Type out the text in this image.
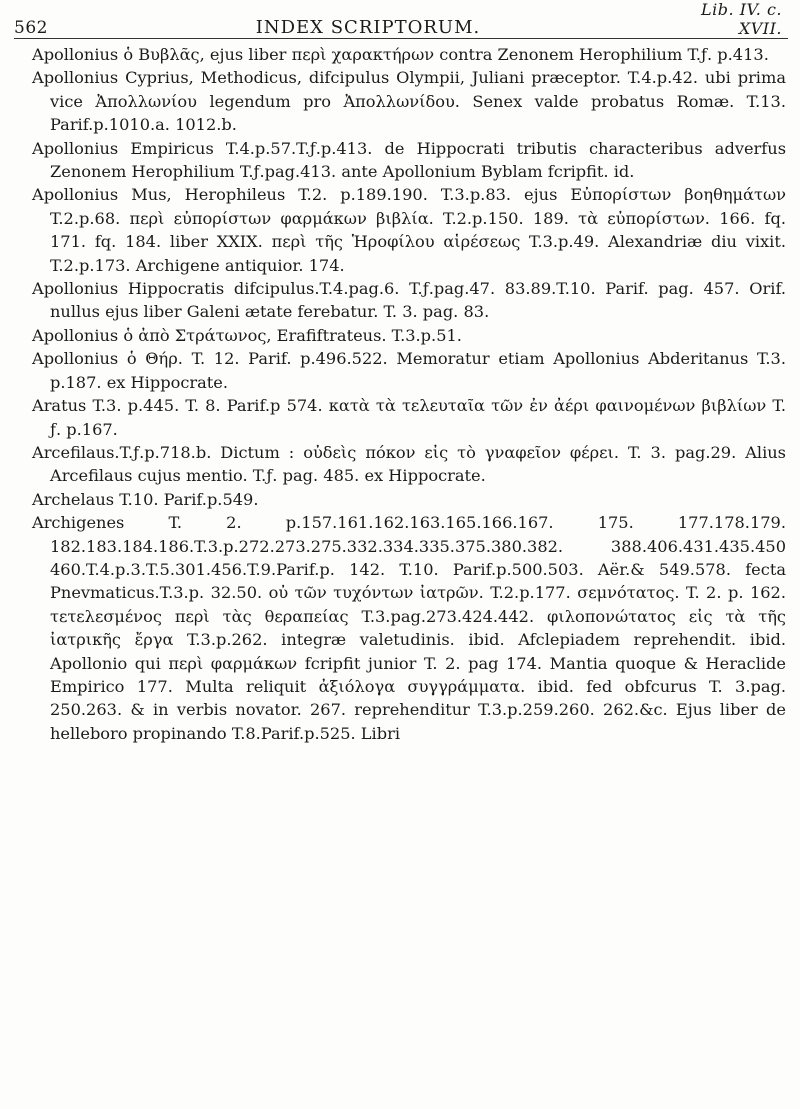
562	INDEX SCRIPTORUM.
Lib. IV. c. XVII.

Apollonius ὁ Βυβλᾶς, ejus liber περὶ χαρακτήρων contra Zenonem Herophilium T.ƒ. p.413.

Apollonius Cyprius, Methodicus, difcipulus Olympii, Juliani præceptor. T.4.p.42. ubi prima vice Ἀπολλωνίου legendum pro Ἀπολλωνίδου. Senex valde probatus Romæ. T.13. Parif.p.1010.a. 1012.b.

Apollonius Empiricus T.4.p.57.T.ƒ.p.413. de Hippocrati tributis characteribus adverfus Zenonem Herophilium T.ƒ.pag.413. ante Apollonium Byblam fcripfit. id.

Apollonius Mus, Herophileus T.2. p.189.190. T.3.p.83. ejus Εὐπορίστων βοηθημάτων T.2.p.68. περὶ εὐπορίστων φαρμάκων βιβλία. T.2.p.150. 189. τὰ εὐπορίστων. 166. fq. 171. fq. 184. liber XXIX. περὶ τῆς Ἡροφίλου αἱρέσεως T.3.p.49. Alexandriæ diu vixit. T.2.p.173. Archigene antiquior. 174.

Apollonius Hippocratis difcipulus.T.4.pag.6. T.ƒ.pag.47. 83.89.T.10. Parif. pag. 457. Orif. nullus ejus liber Galeni ætate ferebatur. T. 3. pag. 83.

Apollonius ὁ ἀπὸ Στράτωνος, Erafiftrateus. T.3.p.51.

Apollonius ὁ Θήρ. T. 12. Parif. p.496.522. Memoratur etiam Apollonius Abderitanus T.3. p.187. ex Hippocrate.

Aratus T.3. p.445. T. 8. Parif.p 574. κατὰ τὰ τελευταῖα τῶν ἐν ἀέρι φαινομένων βιβλίων T. ƒ. p.167.

Arcefilaus.T.ƒ.p.718.b. Dictum : οὐδεὶς πόκον εἰς τὸ γναφεῖον φέρει. T. 3. pag.29. Alius Arcefilaus cujus mentio. T.ƒ. pag. 485. ex Hippocrate.

Archelaus T.10. Parif.p.549.

Archigenes T. 2. p.157.161.162.163.165.166.167. 175. 177.178.179. 182.183.184.186.T.3.p.272.273.275.332.334.335.375.380.382. 388.406.431.435.450 460.T.4.p.3.T.5.301.456.T.9.Parif.p. 142. T.10. Parif.p.500.503. Aër.& 549.578. fecta Pnevmaticus.T.3.p. 32.50. οὐ τῶν τυχόντων ἰατρῶν. T.2.p.177. σεμνότατος. T. 2. p. 162. τετελεσμένος περὶ τὰς θεραπείας T.3.pag.273.424.442. φιλοπονώτατος εἰς τὰ τῆς ἰατρικῆς ἔργα T.3.p.262. integræ valetudinis. ibid. Afclepiadem reprehendit. ibid. Apollonio qui περὶ φαρμάκων fcripfit junior T. 2. pag 174. Mantia quoque & Heraclide Empirico 177. Multa reliquit ἀξιόλογα συγγράμματα. ibid. fed obfcurus T. 3.pag. 250.263. & in verbis novator. 267. reprehenditur T.3.p.259.260. 262.&c. Ejus liber de helleboro propinando T.8.Parif.p.525. Libri
